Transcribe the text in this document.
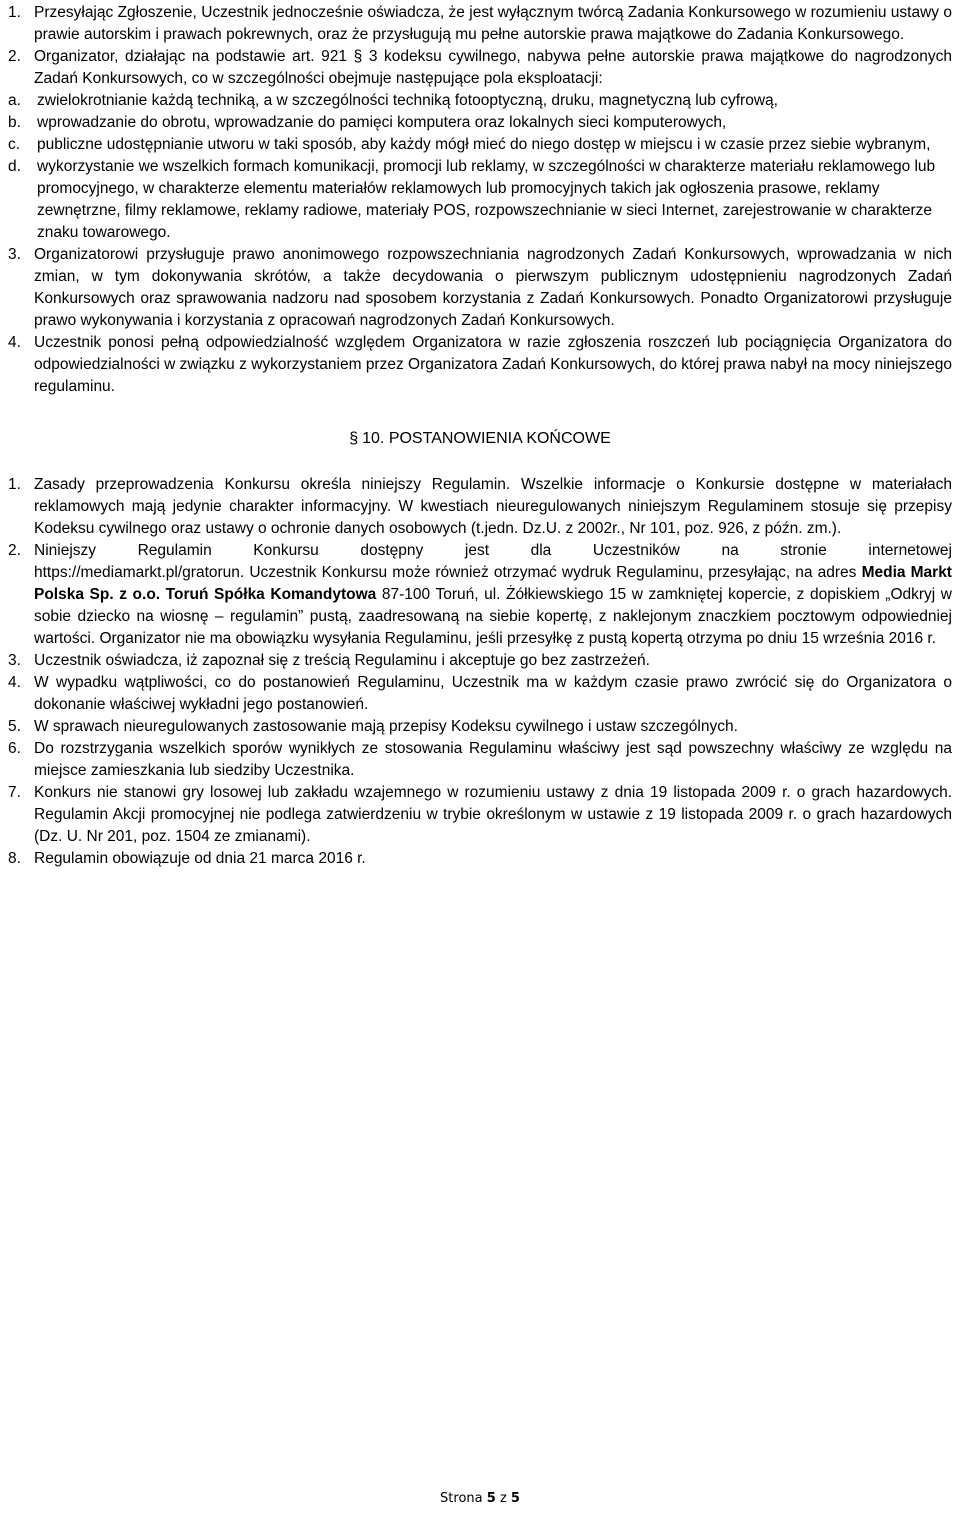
1. Przesyłając Zgłoszenie, Uczestnik jednocześnie oświadcza, że jest wyłącznym twórcą Zadania Konkursowego w rozumieniu ustawy o prawie autorskim i prawach pokrewnych, oraz że przysługują mu pełne autorskie prawa majątkowe do Zadania Konkursowego.
2. Organizator, działając na podstawie art. 921 § 3 kodeksu cywilnego, nabywa pełne autorskie prawa majątkowe do nagrodzonych Zadań Konkursowych, co w szczególności obejmuje następujące pola eksploatacji:
a.	zwielokrotnianie każdą techniką, a w szczególności techniką fotooptyczną, druku, magnetyczną lub cyfrową,
b.	wprowadzanie do obrotu, wprowadzanie do pamięci komputera oraz lokalnych sieci komputerowych,
c.	publiczne udostępnianie utworu w taki sposób, aby każdy mógł mieć do niego dostęp w miejscu i w czasie przez siebie wybranym,
d.	wykorzystanie we wszelkich formach komunikacji, promocji lub reklamy, w szczególności w charakterze materiału reklamowego lub promocyjnego, w charakterze elementu materiałów reklamowych lub promocyjnych takich jak ogłoszenia prasowe, reklamy zewnętrzne, filmy reklamowe, reklamy radiowe, materiały POS, rozpowszechnianie w sieci Internet, zarejestrowanie w charakterze znaku towarowego.
3. Organizatorowi przysługuje prawo anonimowego rozpowszechniania nagrodzonych Zadań Konkursowych, wprowadzania w nich zmian, w tym dokonywania skrótów, a także decydowania o pierwszym publicznym udostępnieniu nagrodzonych Zadań Konkursowych oraz sprawowania nadzoru nad sposobem korzystania z Zadań Konkursowych. Ponadto Organizatorowi przysługuje prawo wykonywania i korzystania z opracowań nagrodzonych Zadań Konkursowych.
4. Uczestnik ponosi pełną odpowiedzialność względem Organizatora w razie zgłoszenia roszczeń lub pociągnięcia Organizatora do odpowiedzialności w związku z wykorzystaniem przez Organizatora Zadań Konkursowych, do której prawa nabył na mocy niniejszego regulaminu.
§ 10. POSTANOWIENIA KOŃCOWE
1. Zasady przeprowadzenia Konkursu określa niniejszy Regulamin. Wszelkie informacje o Konkursie dostępne w materiałach reklamowych mają jedynie charakter informacyjny. W kwestiach nieuregulowanych niniejszym Regulaminem stosuje się przepisy Kodeksu cywilnego oraz ustawy o ochronie danych osobowych (t.jedn. Dz.U. z 2002r., Nr 101, poz. 926, z późn. zm.).
2. Niniejszy Regulamin Konkursu dostępny jest dla Uczestników na stronie internetowej
https://mediamarkt.pl/gratorun. Uczestnik Konkursu może również otrzymać wydruk Regulaminu, przesyłając, na adres Media Markt Polska Sp. z o.o. Toruń Spółka Komandytowa 87-100 Toruń, ul. Żółkiewskiego 15 w zamkniętej kopercie, z dopiskiem „Odkryj w sobie dziecko na wiosnę – regulamin” pustą, zaadresowaną na siebie kopertę, z naklejonym znaczkiem pocztowym odpowiedniej wartości. Organizator nie ma obowiązku wysyłania Regulaminu, jeśli przesyłkę z pustą kopertą otrzyma po dniu 15 września 2016 r.
3. Uczestnik oświadcza, iż zapoznał się z treścią Regulaminu i akceptuje go bez zastrzeżeń.
4. W wypadku wątpliwości, co do postanowień Regulaminu, Uczestnik ma w każdym czasie prawo zwrócić się do Organizatora o dokonanie właściwej wykładni jego postanowień.
5. W sprawach nieuregulowanych zastosowanie mają przepisy Kodeksu cywilnego i ustaw szczególnych.
6. Do rozstrzygania wszelkich sporów wynikłych ze stosowania Regulaminu właściwy jest sąd powszechny właściwy ze względu na miejsce zamieszkania lub siedziby Uczestnika.
7. Konkurs nie stanowi gry losowej lub zakładu wzajemnego w rozumieniu ustawy z dnia 19 listopada 2009 r. o grach hazardowych. Regulamin Akcji promocyjnej nie podlega zatwierdzeniu w trybie określonym w ustawie z 19 listopada 2009 r. o grach hazardowych (Dz. U. Nr 201, poz. 1504 ze zmianami).
8. Regulamin obowiązuje od dnia 21 marca 2016 r.
Strona 5 z 5
